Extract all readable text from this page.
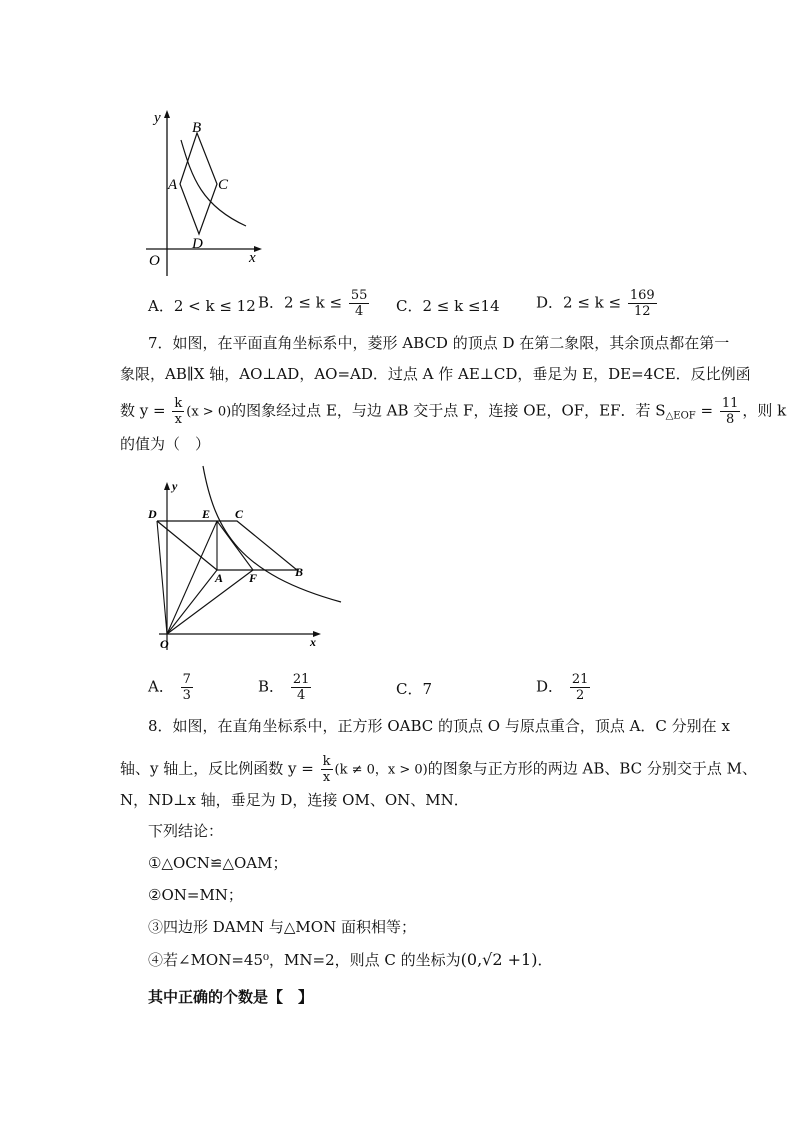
y
B
A	C
D
O	x
A．2 < k ≤ 12 B．$2 \le k \le \frac{55}{4}$ C．2 ≤ k ≤14 D．$2 \le k \le \frac{169}{12}$
7．如图，在平面直角坐标系中，菱形 ABCD 的顶点 D 在第二象限，其余顶点都在第一
象限，AB∥X 轴，AO⊥AD，AO=AD．过点 A 作 AE⊥CD，垂足为 E，DE=4CE．反比例函
数 $y = \frac{k}{x} (x > 0)$的图象经过点 E，与边 AB 交于点 F，连接 OE，OF，EF．若 $S_{\triangle EOF} = \frac{11}{8}$ ，则 k
的值为（　）
y
D	E C
A F	B
O	x
A． $\frac{7}{3}$	B． $\frac{21}{4}$	C．7	D． $\frac{21}{2}$
8．如图，在直角坐标系中，正方形 OABC 的顶点 O 与原点重合，顶点 A．C 分别在 x
轴、y 轴上，反比例函数 $y = \frac{k}{x} (k \ne 0$，x > 0)的图象与正方形的两边 AB、BC 分别交于点 M、
N，ND⊥x 轴，垂足为 D，连接 OM、ON、MN．
下列结论：
①△OCN≌△OAM；
②ON=MN；
③四边形 DAMN 与△MON 面积相等；
④若∠MON=45⁰，MN=2，则点 C 的坐标为(0,√2 +1)．
其中正确的个数是【　】
